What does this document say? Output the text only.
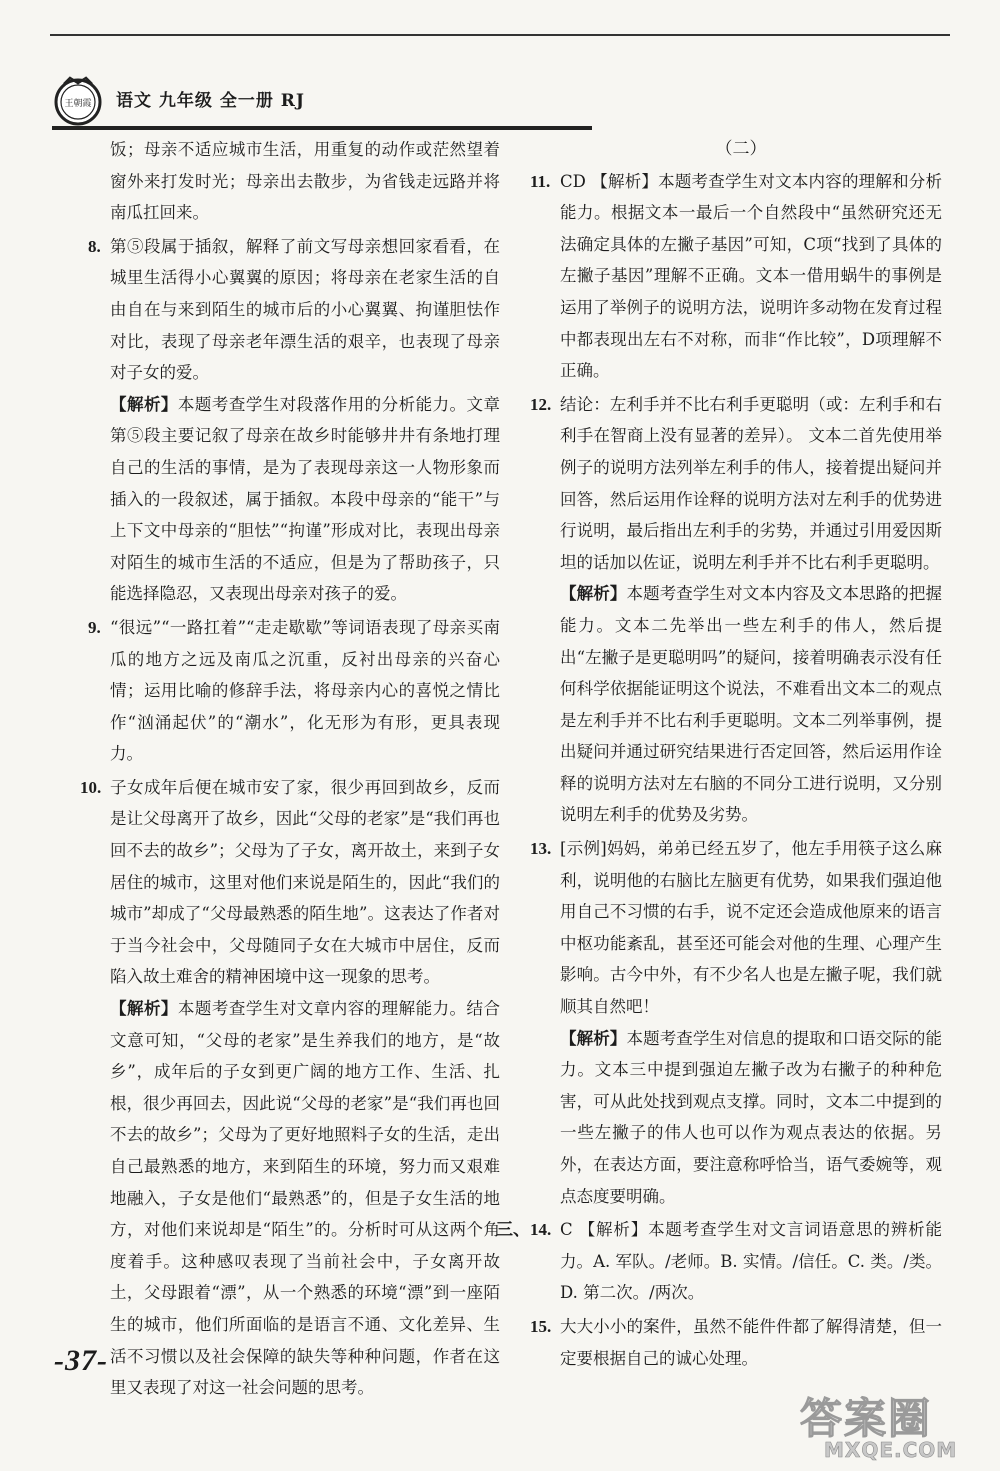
王朝霞 语文 九年级 全一册 RJ
饭；母亲不适应城市生活，用重复的动作或茫然望着窗外来打发时光；母亲出去散步，为省钱走远路并将南瓜扛回来。
8. 第⑤段属于插叙，解释了前文写母亲想回家看看，在城里生活得小心翼翼的原因；将母亲在老家生活的自由自在与来到陌生的城市后的小心翼翼、拘谨胆怯作对比，表现了母亲老年漂生活的艰辛，也表现了母亲对子女的爱。
【解析】本题考查学生对段落作用的分析能力。文章第⑤段主要记叙了母亲在故乡时能够井井有条地打理自己的生活的事情，是为了表现母亲这一人物形象而插入的一段叙述，属于插叙。本段中母亲的“能干”与上下文中母亲的“胆怯”“拘谨”形成对比，表现出母亲对陌生的城市生活的不适应，但是为了帮助孩子，只能选择隐忍，又表现出母亲对孩子的爱。
9. “很远”“一路扛着”“走走歇歇”等词语表现了母亲买南瓜的地方之远及南瓜之沉重，反衬出母亲的兴奋心情；运用比喻的修辞手法，将母亲内心的喜悦之情比作“汹涌起伏”的“潮水”，化无形为有形，更具表现力。
10. 子女成年后便在城市安了家，很少再回到故乡，反而是让父母离开了故乡，因此“父母的老家”是“我们再也回不去的故乡”；父母为了子女，离开故土，来到子女居住的城市，这里对他们来说是陌生的，因此“我们的城市”却成了“父母最熟悉的陌生地”。这表达了作者对于当今社会中，父母随同子女在大城市中居住，反而陷入故土难舍的精神困境中这一现象的思考。
【解析】本题考查学生对文章内容的理解能力。结合文意可知，“父母的老家”是生养我们的地方，是“故乡”，成年后的子女到更广阔的地方工作、生活、扎根，很少再回去，因此说“父母的老家”是“我们再也回不去的故乡”；父母为了更好地照料子女的生活，走出自己最熟悉的地方，来到陌生的环境，努力而又艰难地融入，子女是他们“最熟悉”的，但是子女生活的地方，对他们来说却是“陌生”的。分析时可从这两个角度着手。这种感叹表现了当前社会中，子女离开故土，父母跟着“漂”，从一个熟悉的环境“漂”到一座陌生的城市，他们所面临的是语言不通、文化差异、生活不习惯以及社会保障的缺失等种种问题，作者在这里又表现了对这一社会问题的思考。
（二）
11. CD 【解析】本题考查学生对文本内容的理解和分析能力。根据文本一最后一个自然段中“虽然研究还无法确定具体的左撇子基因”可知，C项“找到了具体的左撇子基因”理解不正确。文本一借用蜗牛的事例是运用了举例子的说明方法，说明许多动物在发育过程中都表现出左右不对称，而非“作比较”，D项理解不正确。
12. 结论：左利手并不比右利手更聪明（或：左利手和右利手在智商上没有显著的差异）。 文本二首先使用举例子的说明方法列举左利手的伟人，接着提出疑问并回答，然后运用作诠释的说明方法对左利手的优势进行说明，最后指出左利手的劣势，并通过引用爱因斯坦的话加以佐证，说明左利手并不比右利手更聪明。
【解析】本题考查学生对文本内容及文本思路的把握能力。文本二先举出一些左利手的伟人，然后提出“左撇子是更聪明吗”的疑问，接着明确表示没有任何科学依据能证明这个说法，不难看出文本二的观点是左利手并不比右利手更聪明。文本二列举事例，提出疑问并通过研究结果进行否定回答，然后运用作诠释的说明方法对左右脑的不同分工进行说明，又分别说明左利手的优势及劣势。
13. [示例]妈妈，弟弟已经五岁了，他左手用筷子这么麻利，说明他的右脑比左脑更有优势，如果我们强迫他用自己不习惯的右手，说不定还会造成他原来的语言中枢功能紊乱，甚至还可能会对他的生理、心理产生影响。古今中外，有不少名人也是左撇子呢，我们就顺其自然吧！
【解析】本题考查学生对信息的提取和口语交际的能力。文本三中提到强迫左撇子改为右撇子的种种危害，可从此处找到观点支撑。同时，文本二中提到的一些左撇子的伟人也可以作为观点表达的依据。另外，在表达方面，要注意称呼恰当，语气委婉等，观点态度要明确。
三、14. C 【解析】本题考查学生对文言词语意思的辨析能力。A. 军队。/老师。B. 实情。/信任。C. 类。/类。D. 第二次。/两次。
15. 大大小小的案件，虽然不能件件都了解得清楚，但一定要根据自己的诚心处理。
-37-
答案圈
MXQE.COM
